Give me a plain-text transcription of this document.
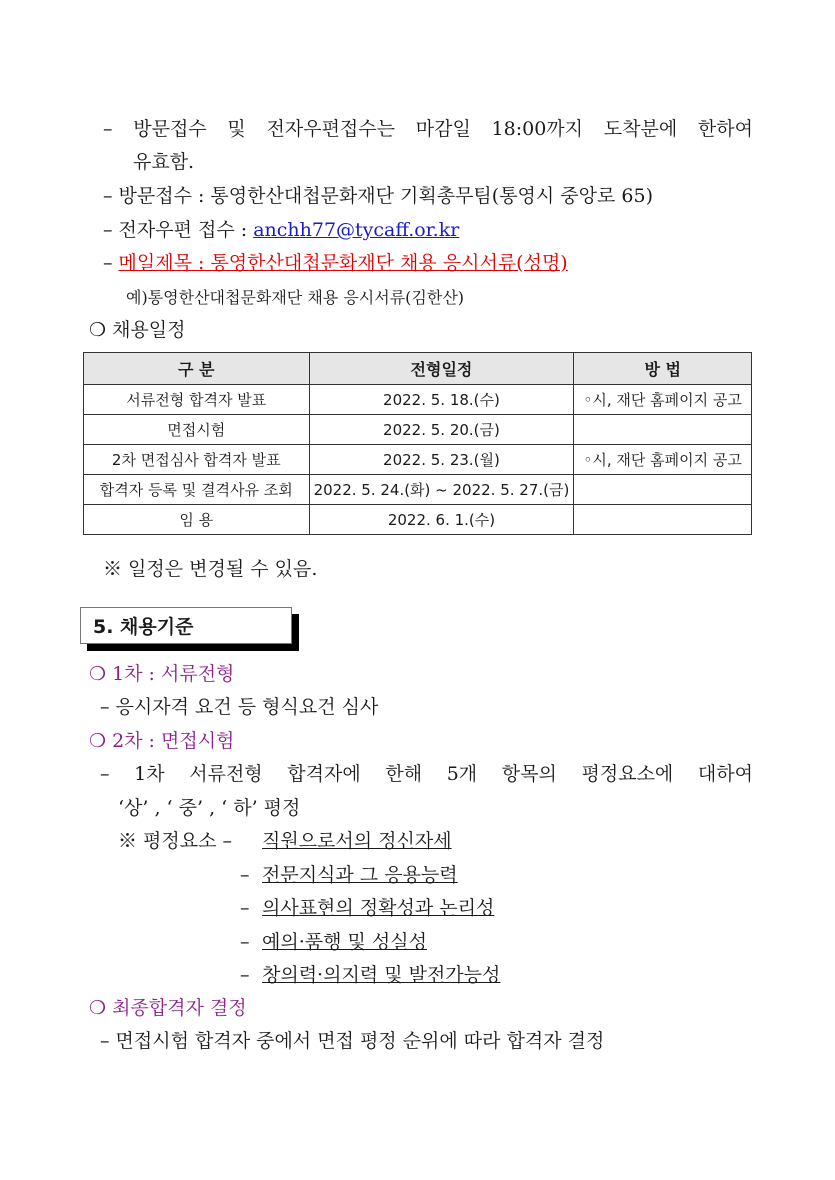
– 방문접수 및 전자우편접수는 마감일 18:00까지 도착분에 한하여
유효함.
– 방문접수 : 통영한산대첩문화재단 기획총무팀(통영시 중앙로 65)
– 전자우편 접수 : anchh77@tycaff.or.kr
– 메일제목 : 통영한산대첩문화재단 채용 응시서류(성명)
예)통영한산대첩문화재단 채용 응시서류(김한산)
❍ 채용일정
구 분	전형일정	방 법
서류전형 합격자 발표	2022. 5. 18.(수)	◦시, 재단 홈페이지 공고
면접시험	2022. 5. 20.(금)	
2차 면접심사 합격자 발표	2022. 5. 23.(월)	◦시, 재단 홈페이지 공고
합격자 등록 및 결격사유 조회	2022. 5. 24.(화) ~ 2022. 5. 27.(금)	
임 용	2022. 6. 1.(수)	
※ 일정은 변경될 수 있음.
5. 채용기준
❍ 1차 : 서류전형
– 응시자격 요건 등 형식요건 심사
❍ 2차 : 면접시험
– 1차 서류전형 합격자에 한해 5개 항목의 평정요소에 대하여
‘상’ , ‘ 중’ , ‘ 하’ 평정
※ 평정요소 – 직원으로서의 정신자세
– 전문지식과 그 응용능력
– 의사표현의 정확성과 논리성
– 예의·품행 및 성실성
– 창의력·의지력 및 발전가능성
❍ 최종합격자 결정
– 면접시험 합격자 중에서 면접 평정 순위에 따라 합격자 결정
